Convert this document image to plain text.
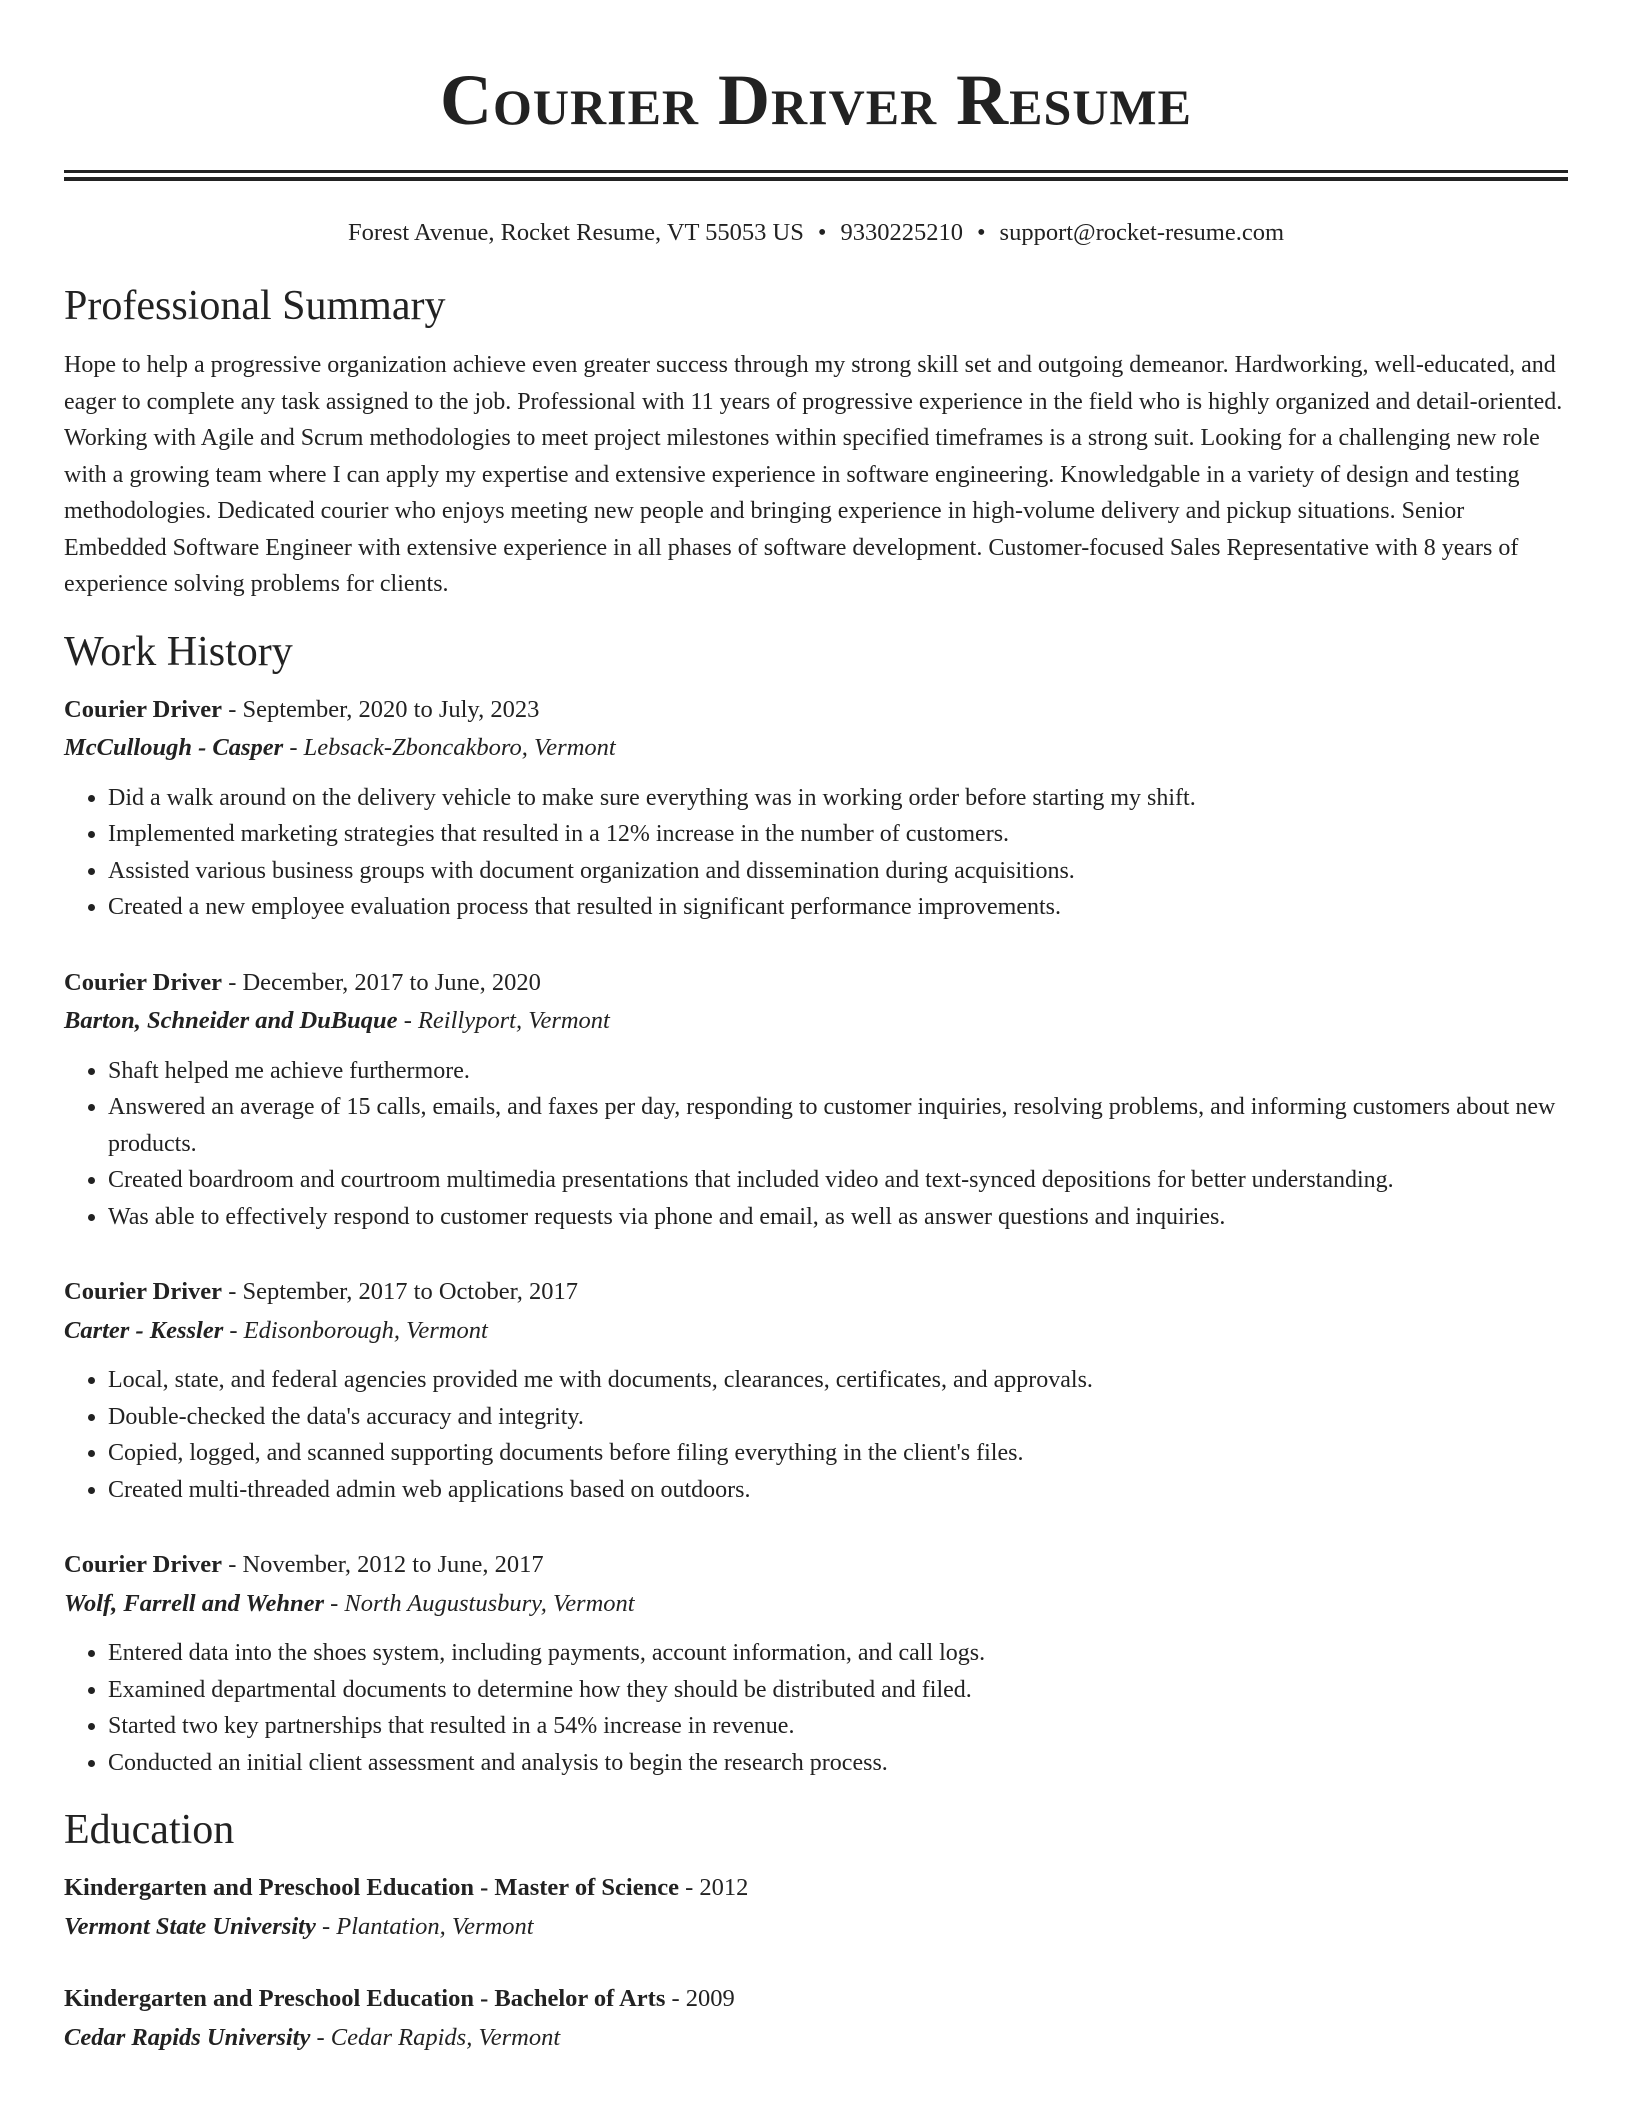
Courier Driver Resume
Forest Avenue, Rocket Resume, VT 55053 US • 9330225210 • support@rocket-resume.com
Professional Summary

Hope to help a progressive organization achieve even greater success through my strong skill set and outgoing demeanor. Hardworking, well-educated, and eager to complete any task assigned to the job. Professional with 11 years of progressive experience in the field who is highly organized and detail-oriented. Working with Agile and Scrum methodologies to meet project milestones within specified timeframes is a strong suit. Looking for a challenging new role with a growing team where I can apply my expertise and extensive experience in software engineering. Knowledgable in a variety of design and testing methodologies. Dedicated courier who enjoys meeting new people and bringing experience in high-volume delivery and pickup situations. Senior Embedded Software Engineer with extensive experience in all phases of software development. Customer-focused Sales Representative with 8 years of experience solving problems for clients.

Work History
Courier Driver - September, 2020 to July, 2023
McCullough - Casper - Lebsack-Zboncakboro, Vermont
• Did a walk around on the delivery vehicle to make sure everything was in working order before starting my shift.
• Implemented marketing strategies that resulted in a 12% increase in the number of customers.
• Assisted various business groups with document organization and dissemination during acquisitions.
• Created a new employee evaluation process that resulted in significant performance improvements.
Courier Driver - December, 2017 to June, 2020
Barton, Schneider and DuBuque - Reillyport, Vermont
• Shaft helped me achieve furthermore.
• Answered an average of 15 calls, emails, and faxes per day, responding to customer inquiries, resolving problems, and informing customers about new products.
• Created boardroom and courtroom multimedia presentations that included video and text-synced depositions for better understanding.
• Was able to effectively respond to customer requests via phone and email, as well as answer questions and inquiries.
Courier Driver - September, 2017 to October, 2017
Carter - Kessler - Edisonborough, Vermont
• Local, state, and federal agencies provided me with documents, clearances, certificates, and approvals.
• Double-checked the data's accuracy and integrity.
• Copied, logged, and scanned supporting documents before filing everything in the client's files.
• Created multi-threaded admin web applications based on outdoors.
Courier Driver - November, 2012 to June, 2017
Wolf, Farrell and Wehner - North Augustusbury, Vermont
• Entered data into the shoes system, including payments, account information, and call logs.
• Examined departmental documents to determine how they should be distributed and filed.
• Started two key partnerships that resulted in a 54% increase in revenue.
• Conducted an initial client assessment and analysis to begin the research process.
Education
Kindergarten and Preschool Education - Master of Science - 2012
Vermont State University - Plantation, Vermont
Kindergarten and Preschool Education - Bachelor of Arts - 2009
Cedar Rapids University - Cedar Rapids, Vermont
